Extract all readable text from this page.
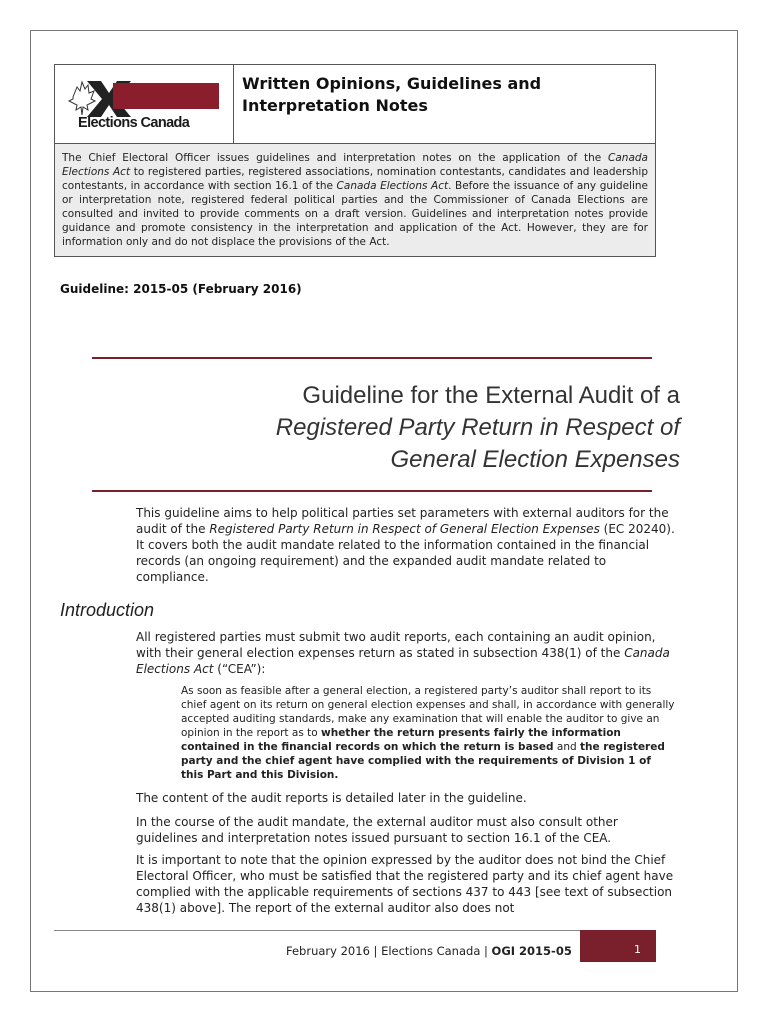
Elections Canada
Written Opinions, Guidelines and
Interpretation Notes
The Chief Electoral Officer issues guidelines and interpretation notes on the application of the Canada Elections Act to registered parties, registered associations, nomination contestants, candidates and leadership contestants, in accordance with section 16.1 of the Canada Elections Act. Before the issuance of any guideline or interpretation note, registered federal political parties and the Commissioner of Canada Elections are consulted and invited to provide comments on a draft version. Guidelines and interpretation notes provide guidance and promote consistency in the interpretation and application of the Act. However, they are for information only and do not displace the provisions of the Act.
Guideline: 2015-05 (February 2016)
Guideline for the External Audit of a
Registered Party Return in Respect of
General Election Expenses
This guideline aims to help political parties set parameters with external auditors for the audit of the Registered Party Return in Respect of General Election Expenses (EC 20240). It covers both the audit mandate related to the information contained in the financial records (an ongoing requirement) and the expanded audit mandate related to compliance.
Introduction
All registered parties must submit two audit reports, each containing an audit opinion, with their general election expenses return as stated in subsection 438(1) of the Canada Elections Act (“CEA”):
As soon as feasible after a general election, a registered party’s auditor shall report to its chief agent on its return on general election expenses and shall, in accordance with generally accepted auditing standards, make any examination that will enable the auditor to give an opinion in the report as to whether the return presents fairly the information contained in the financial records on which the return is based and the registered party and the chief agent have complied with the requirements of Division 1 of this Part and this Division.
The content of the audit reports is detailed later in the guideline.
In the course of the audit mandate, the external auditor must also consult other guidelines and interpretation notes issued pursuant to section 16.1 of the CEA.
It is important to note that the opinion expressed by the auditor does not bind the Chief Electoral Officer, who must be satisfied that the registered party and its chief agent have complied with the applicable requirements of sections 437 to 443 [see text of subsection 438(1) above]. The report of the external auditor also does not
February 2016 | Elections Canada | OGI 2015-05	1
